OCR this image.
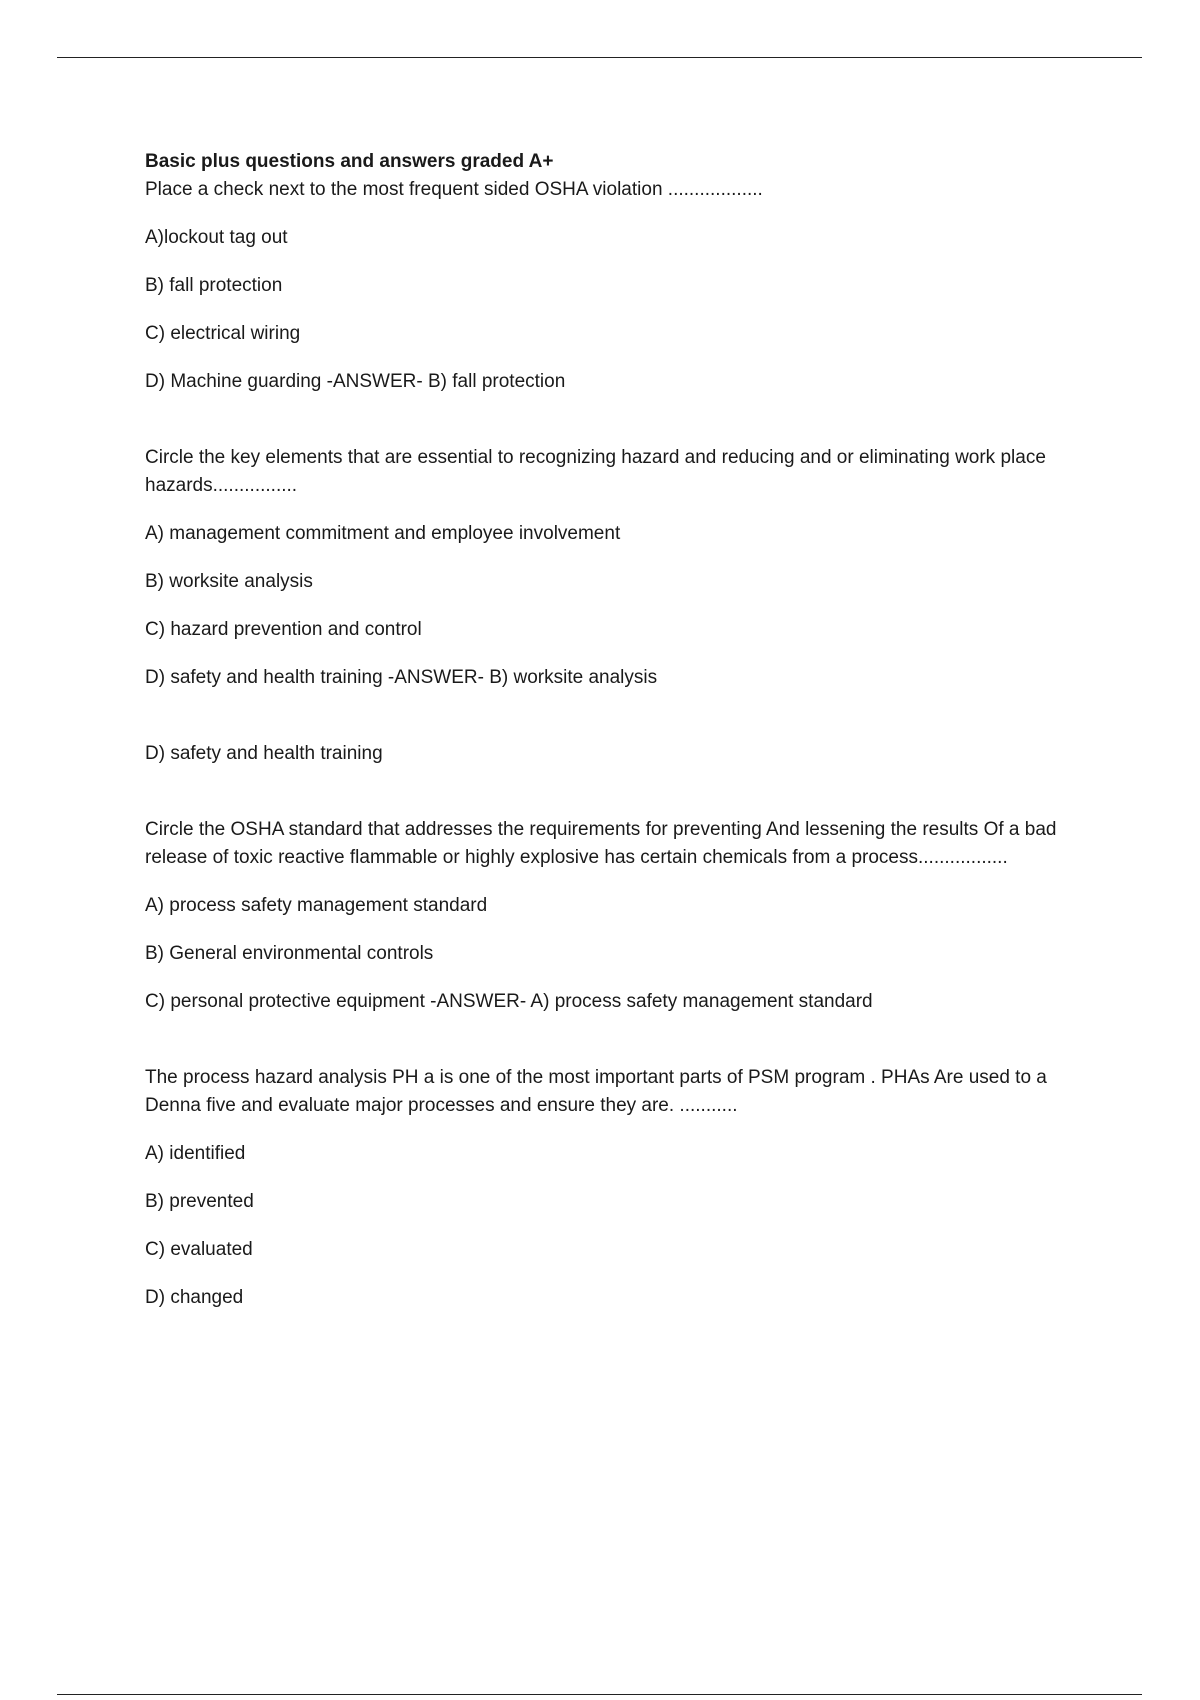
Basic plus questions and answers graded A+

Place a check next to the most frequent sided OSHA violation ..................

A)lockout tag out

B) fall protection

C) electrical wiring

D) Machine guarding -ANSWER- B) fall protection

Circle the key elements that are essential to recognizing hazard and reducing and or eliminating work place hazards................

A) management commitment and employee involvement

B) worksite analysis

C) hazard prevention and control

D) safety and health training -ANSWER- B) worksite analysis

D) safety and health training

Circle the OSHA standard that addresses the requirements for preventing And lessening the results Of a bad release of toxic reactive flammable or highly explosive has certain chemicals from a process.................

A) process safety management standard

B) General environmental controls

C) personal protective equipment -ANSWER- A) process safety management standard

The process hazard analysis PH a is one of the most important parts of PSM program . PHAs Are used to a Denna five and evaluate major processes and ensure they are. ...........

A) identified

B) prevented

C) evaluated

D) changed
